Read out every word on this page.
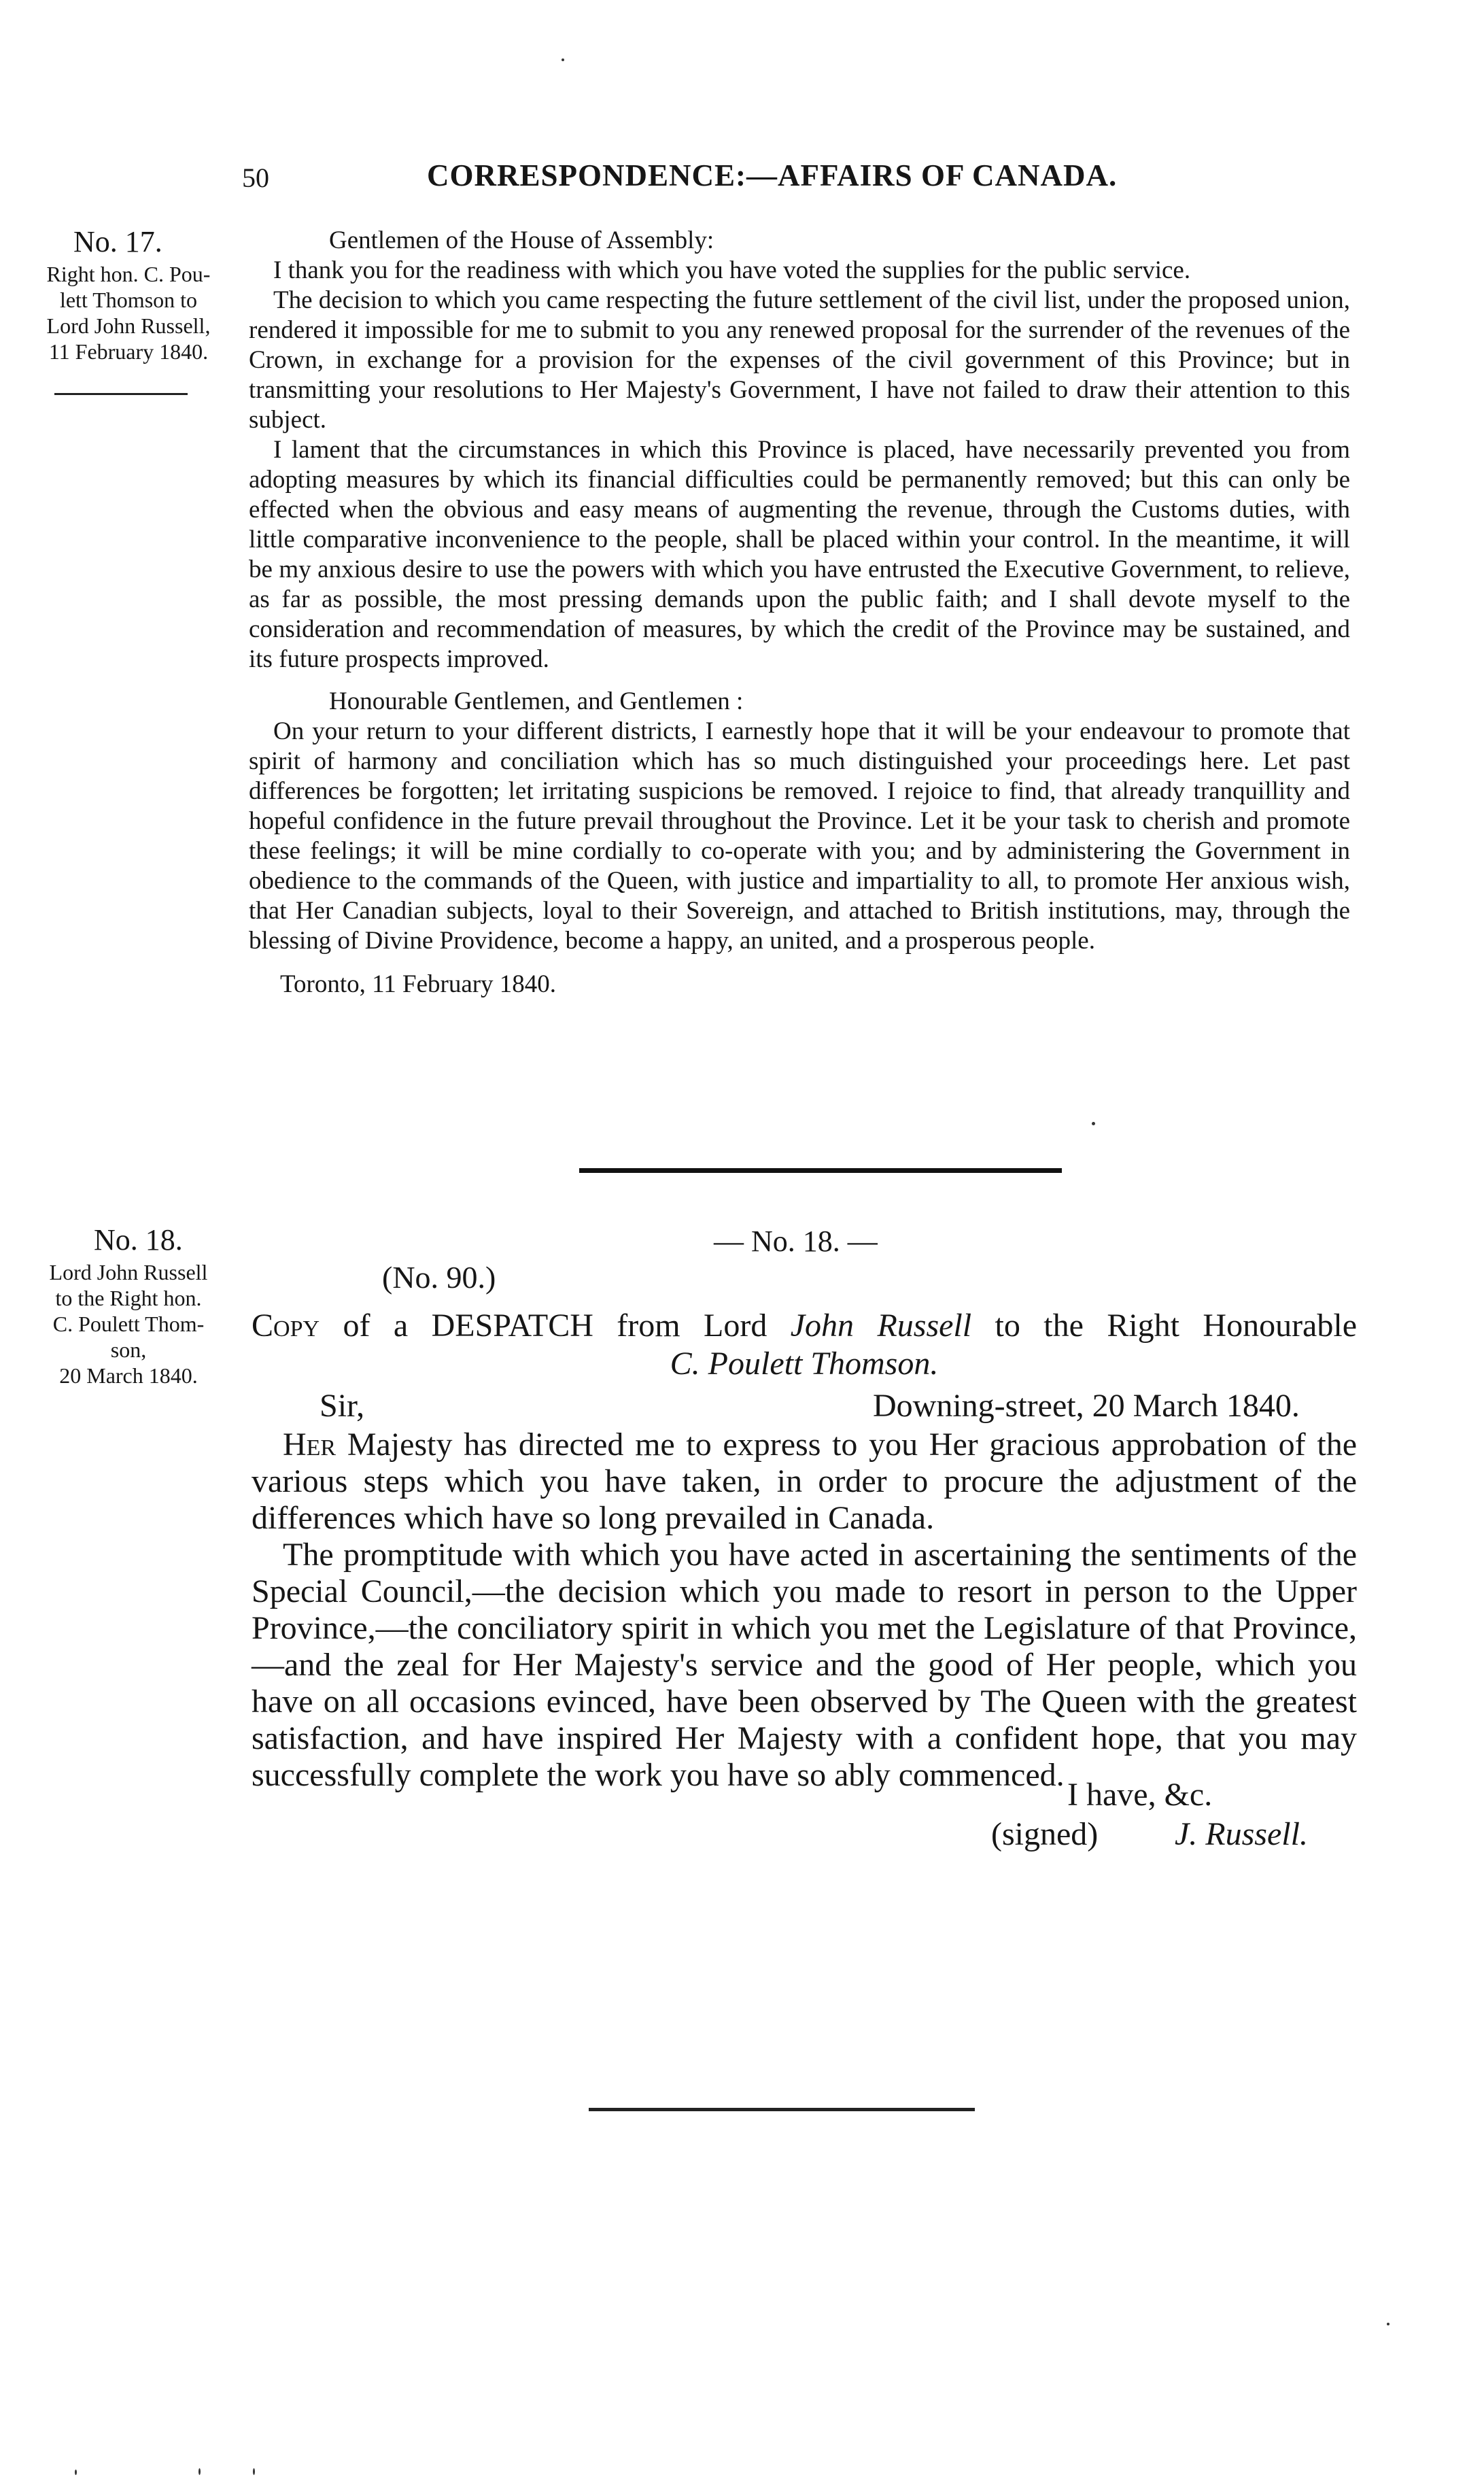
50	CORRESPONDENCE:—AFFAIRS OF CANADA.
No. 17.
Right hon. C. Pou-
lett Thomson to
Lord John Russell,
11 February 1840.
Gentlemen of the House of Assembly:

I thank you for the readiness with which you have voted the supplies for the public service.

The decision to which you came respecting the future settlement of the civil list, under the proposed union, rendered it impossible for me to submit to you any renewed proposal for the surrender of the revenues of the Crown, in exchange for a provision for the expenses of the civil government of this Province; but in transmitting your resolutions to Her Majesty's Government, I have not failed to draw their attention to this subject.

I lament that the circumstances in which this Province is placed, have necessarily prevented you from adopting measures by which its financial difficulties could be permanently removed; but this can only be effected when the obvious and easy means of augmenting the revenue, through the Customs duties, with little comparative inconvenience to the people, shall be placed within your control. In the meantime, it will be my anxious desire to use the powers with which you have entrusted the Executive Government, to relieve, as far as possible, the most pressing demands upon the public faith; and I shall devote myself to the consideration and recommendation of measures, by which the credit of the Province may be sustained, and its future prospects improved.

Honourable Gentlemen, and Gentlemen :

On your return to your different districts, I earnestly hope that it will be your endeavour to promote that spirit of harmony and conciliation which has so much distinguished your proceedings here. Let past differences be forgotten; let irritating suspicions be removed. I rejoice to find, that already tranquillity and hopeful confidence in the future prevail throughout the Province. Let it be your task to cherish and promote these feelings; it will be mine cordially to co-operate with you; and by administering the Government in obedience to the commands of the Queen, with justice and impartiality to all, to promote Her anxious wish, that Her Canadian subjects, loyal to their Sovereign, and attached to British institutions, may, through the blessing of Divine Providence, become a happy, an united, and a prosperous people.

Toronto, 11 February 1840.
No. 18.
Lord John Russell
to the Right hon.
C. Poulett Thom-
son,
20 March 1840.
— No. 18. —
(No. 90.)
Copy of a DESPATCH from Lord John Russell to the Right Honourable
C. Poulett Thomson.
Sir,	Downing-street, 20 March 1840.

Her Majesty has directed me to express to you Her gracious approbation of the various steps which you have taken, in order to procure the adjustment of the differences which have so long prevailed in Canada.

The promptitude with which you have acted in ascertaining the sentiments of the Special Council,—the decision which you made to resort in person to the Upper Province,—the conciliatory spirit in which you met the Legislature of that Province,—and the zeal for Her Majesty's service and the good of Her people, which you have on all occasions evinced, have been observed by The Queen with the greatest satisfaction, and have inspired Her Majesty with a confident hope, that you may successfully complete the work you have so ably commenced.

I have, &c.
(signed) J. Russell.
